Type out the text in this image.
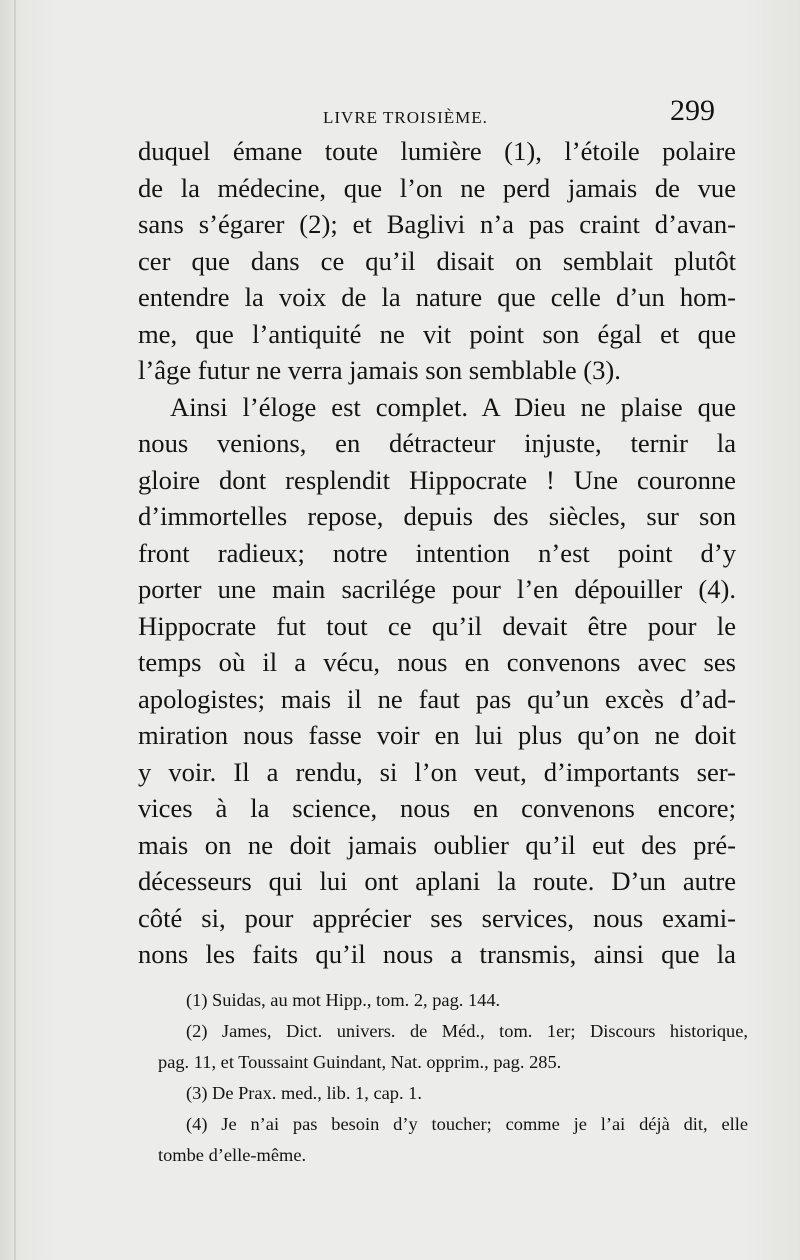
LIVRE TROISIÈME.	299
duquel émane toute lumière (1), l’étoile polaire
de la médecine, que l’on ne perd jamais de vue
sans s’égarer (2); et Baglivi n’a pas craint d’avan-
cer que dans ce qu’il disait on semblait plutôt
entendre la voix de la nature que celle d’un hom-
me, que l’antiquité ne vit point son égal et que
l’âge futur ne verra jamais son semblable (3).
Ainsi l’éloge est complet. A Dieu ne plaise que
nous venions, en détracteur injuste, ternir la
gloire dont resplendit Hippocrate ! Une couronne
d’immortelles repose, depuis des siècles, sur son
front radieux; notre intention n’est point d’y
porter une main sacrilége pour l’en dépouiller (4).
Hippocrate fut tout ce qu’il devait être pour le
temps où il a vécu, nous en convenons avec ses
apologistes; mais il ne faut pas qu’un excès d’ad-
miration nous fasse voir en lui plus qu’on ne doit
y voir. Il a rendu, si l’on veut, d’importants ser-
vices à la science, nous en convenons encore;
mais on ne doit jamais oublier qu’il eut des pré-
décesseurs qui lui ont aplani la route. D’un autre
côté si, pour apprécier ses services, nous exami-
nons les faits qu’il nous a transmis, ainsi que la
(1) Suidas, au mot Hipp., tom. 2, pag. 144.
(2) James, Dict. univers. de Méd., tom. 1er; Discours historique,
pag. 11, et Toussaint Guindant, Nat. opprim., pag. 285.
(3) De Prax. med., lib. 1, cap. 1.
(4) Je n’ai pas besoin d’y toucher; comme je l’ai déjà dit, elle
tombe d’elle-même.
